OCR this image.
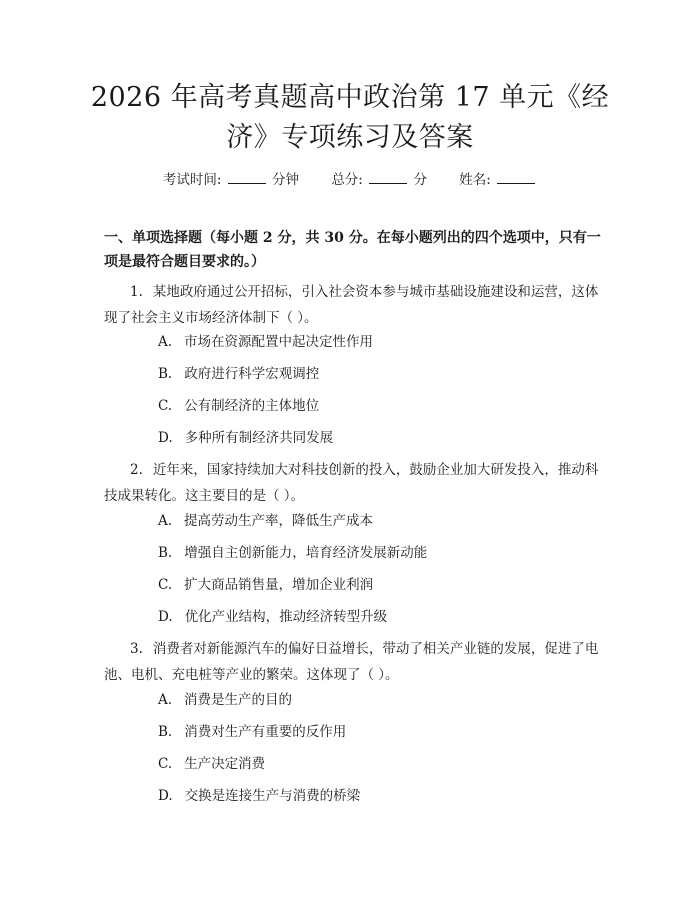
2026 年高考真题高中政治第 17 单元《经
济》专项练习及答案
考试时间:	分钟 总分:	分 姓名:

一、单项选择题（每小题 2 分，共 30 分。在每小题列出的四个选项中，只有一项是最符合题目要求的。）

1. 某地政府通过公开招标，引入社会资本参与城市基础设施建设和运营，这体现了社会主义市场经济体制下（ ）。

A. 市场在资源配置中起决定性作用
B. 政府进行科学宏观调控
C. 公有制经济的主体地位
D. 多种所有制经济共同发展

2. 近年来，国家持续加大对科技创新的投入，鼓励企业加大研发投入，推动科技成果转化。这主要目的是（ ）。

A. 提高劳动生产率，降低生产成本
B. 增强自主创新能力，培育经济发展新动能
C. 扩大商品销售量，增加企业利润
D. 优化产业结构，推动经济转型升级

3. 消费者对新能源汽车的偏好日益增长，带动了相关产业链的发展，促进了电池、电机、充电桩等产业的繁荣。这体现了（ ）。

A. 消费是生产的目的
B. 消费对生产有重要的反作用
C. 生产决定消费
D. 交换是连接生产与消费的桥梁
